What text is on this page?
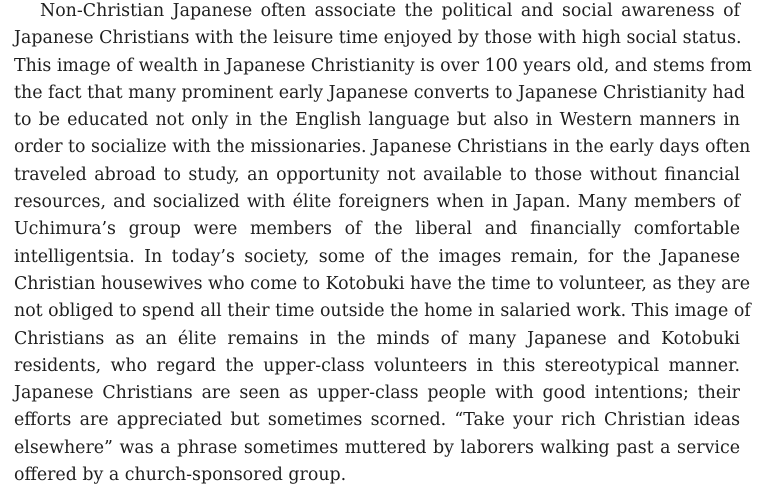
Non-Christian Japanese often associate the political and social awareness of
Japanese Christians with the leisure time enjoyed by those with high social status.
This image of wealth in Japanese Christianity is over 100 years old, and stems from
the fact that many prominent early Japanese converts to Japanese Christianity had
to be educated not only in the English language but also in Western manners in
order to socialize with the missionaries. Japanese Christians in the early days often
traveled abroad to study, an opportunity not available to those without financial
resources, and socialized with élite foreigners when in Japan. Many members of
Uchimura’s group were members of the liberal and financially comfortable
intelligentsia. In today’s society, some of the images remain, for the Japanese
Christian housewives who come to Kotobuki have the time to volunteer, as they are
not obliged to spend all their time outside the home in salaried work. This image of
Christians as an élite remains in the minds of many Japanese and Kotobuki
residents, who regard the upper-class volunteers in this stereotypical manner.
Japanese Christians are seen as upper-class people with good intentions; their
efforts are appreciated but sometimes scorned. “Take your rich Christian ideas
elsewhere” was a phrase sometimes muttered by laborers walking past a service
offered by a church-sponsored group.
